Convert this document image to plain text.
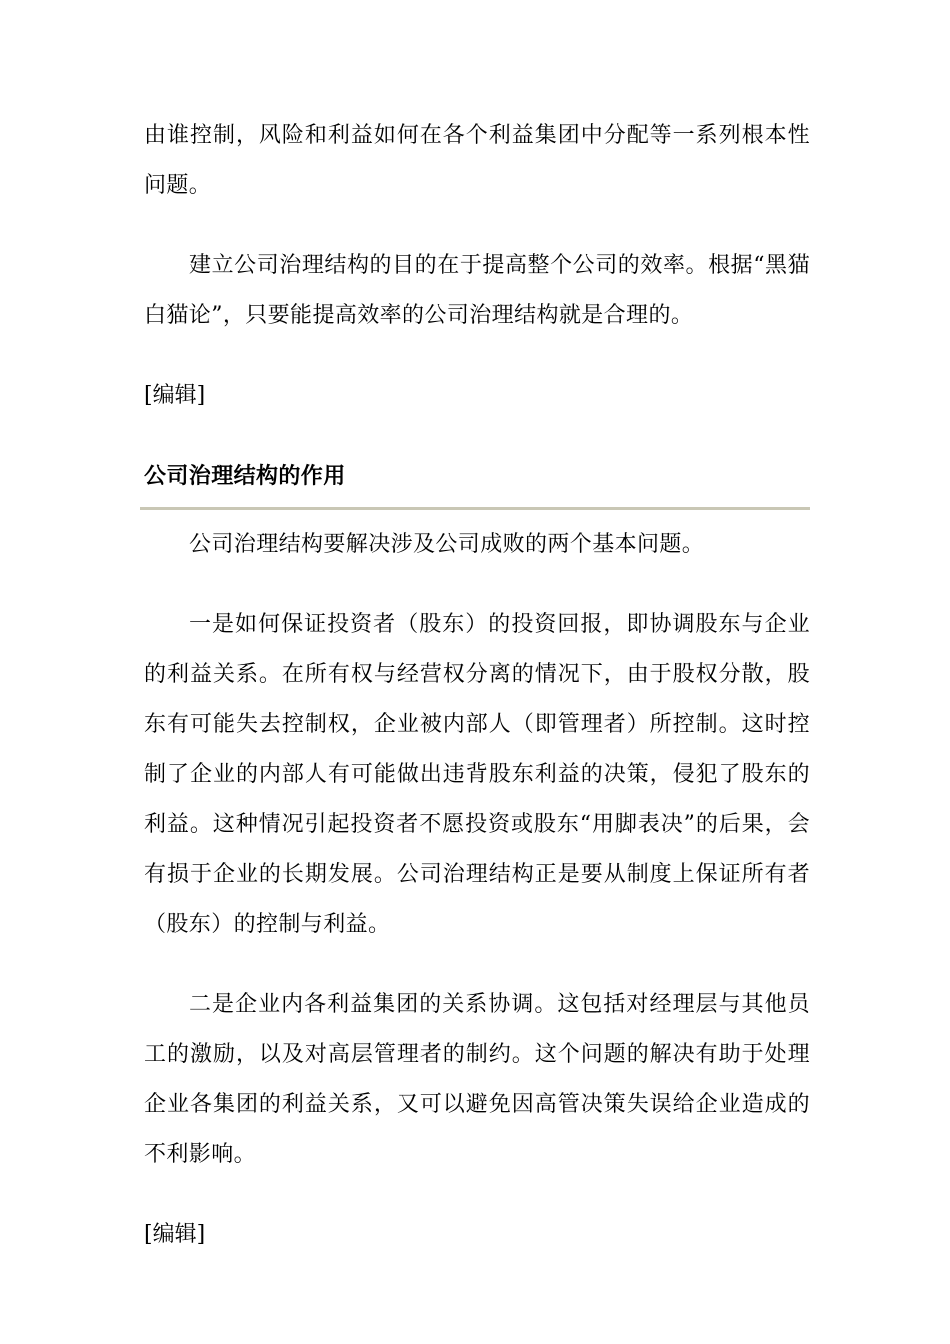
由谁控制，风险和利益如何在各个利益集团中分配等一系列根本性问题。

建立公司治理结构的目的在于提高整个公司的效率。根据“黑猫白猫论”，只要能提高效率的公司治理结构就是合理的。

[编辑]
公司治理结构的作用

公司治理结构要解决涉及公司成败的两个基本问题。

一是如何保证投资者（股东）的投资回报，即协调股东与企业的利益关系。在所有权与经营权分离的情况下，由于股权分散，股东有可能失去控制权，企业被内部人（即管理者）所控制。这时控制了企业的内部人有可能做出违背股东利益的决策，侵犯了股东的利益。这种情况引起投资者不愿投资或股东“用脚表决”的后果，会有损于企业的长期发展。公司治理结构正是要从制度上保证所有者（股东）的控制与利益。

二是企业内各利益集团的关系协调。这包括对经理层与其他员工的激励，以及对高层管理者的制约。这个问题的解决有助于处理企业各集团的利益关系，又可以避免因高管决策失误给企业造成的不利影响。

[编辑]
